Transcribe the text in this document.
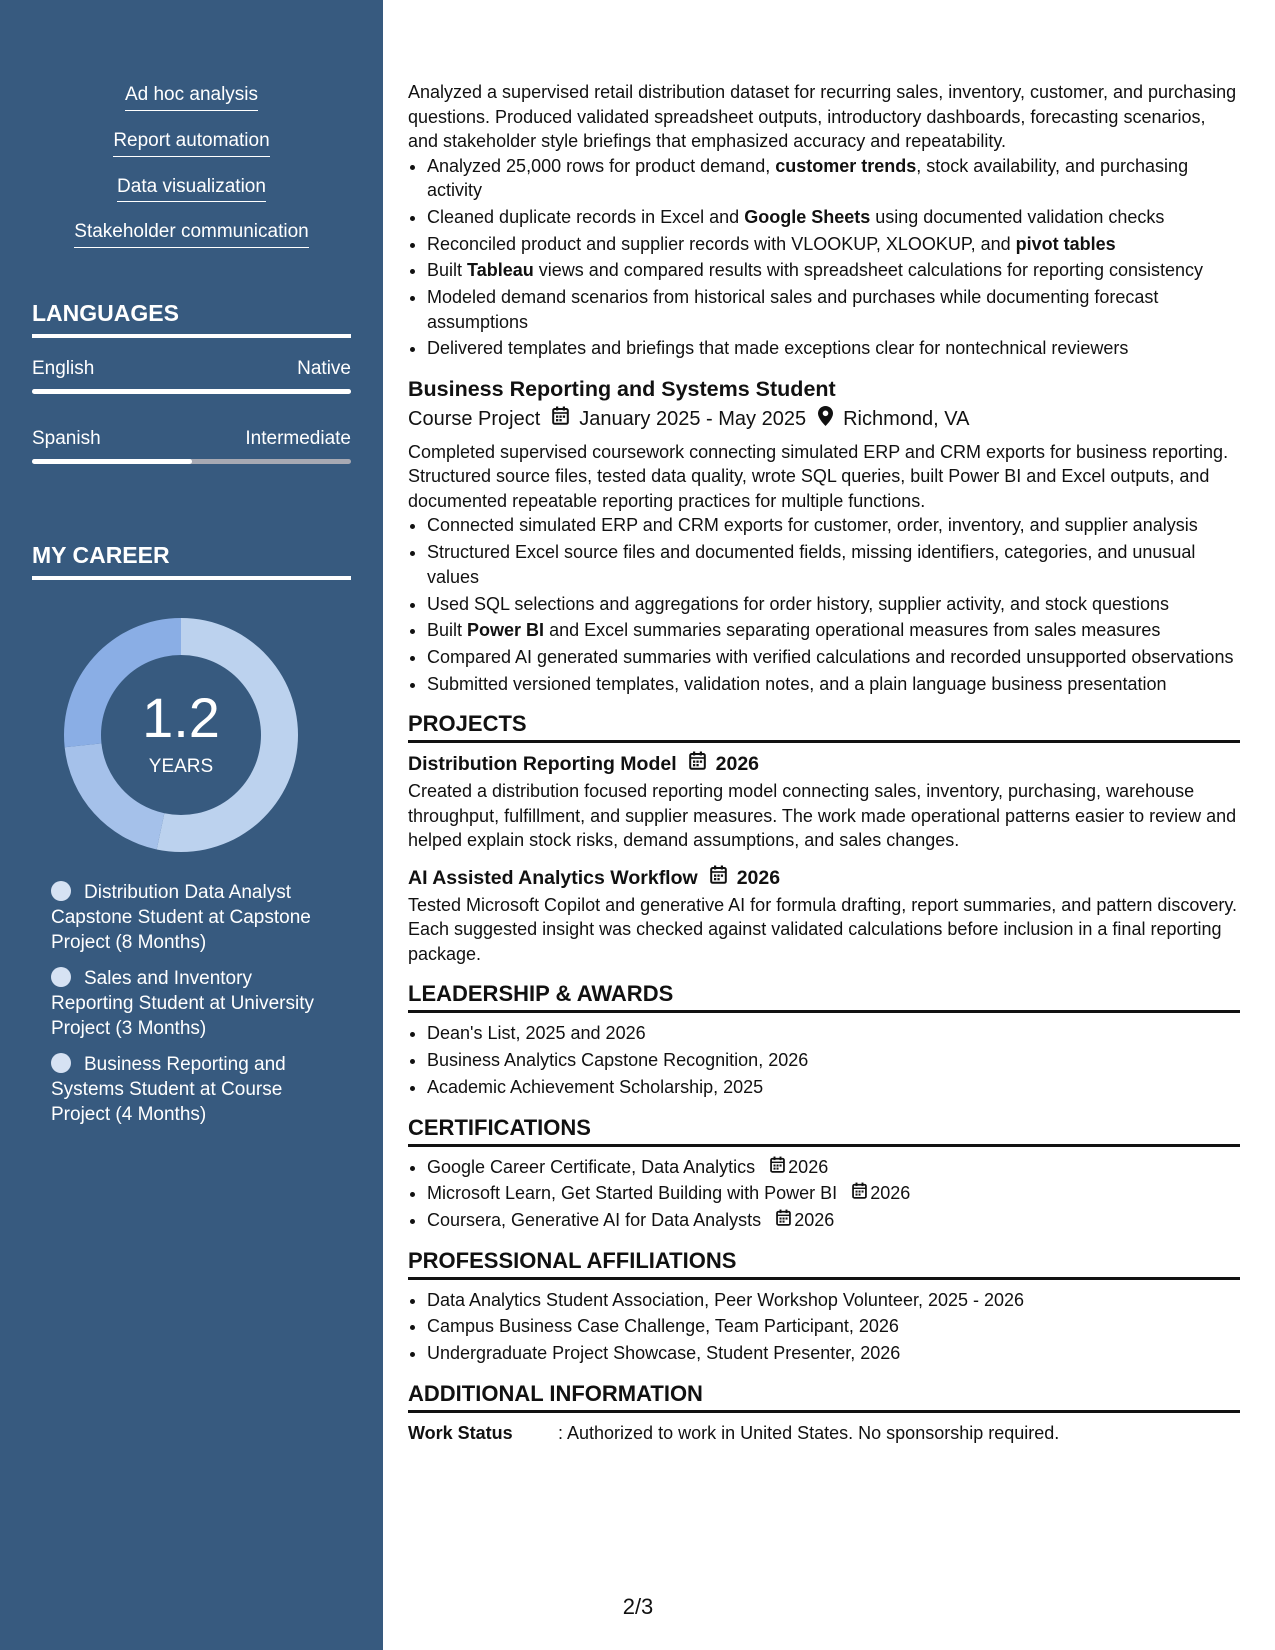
Ad hoc analysis
Report automation
Data visualization
Stakeholder communication
LANGUAGES
English	Native
Spanish	Intermediate
MY CAREER
1.2
YEARS
Distribution Data Analyst Capstone Student at Capstone Project (8 Months)
Sales and Inventory Reporting Student at University Project (3 Months)
Business Reporting and Systems Student at Course Project (4 Months)

Analyzed a supervised retail distribution dataset for recurring sales, inventory, customer, and purchasing questions. Produced validated spreadsheet outputs, introductory dashboards, forecasting scenarios, and stakeholder style briefings that emphasized accuracy and repeatability.

• Analyzed 25,000 rows for product demand, customer trends, stock availability, and purchasing activity
• Cleaned duplicate records in Excel and Google Sheets using documented validation checks
• Reconciled product and supplier records with VLOOKUP, XLOOKUP, and pivot tables
• Built Tableau views and compared results with spreadsheet calculations for reporting consistency
• Modeled demand scenarios from historical sales and purchases while documenting forecast assumptions
• Delivered templates and briefings that made exceptions clear for nontechnical reviewers
Business Reporting and Systems Student
Course Project January 2025 - May 2025 Richmond, VA

Completed supervised coursework connecting simulated ERP and CRM exports for business reporting. Structured source files, tested data quality, wrote SQL queries, built Power BI and Excel outputs, and documented repeatable reporting practices for multiple functions.

• Connected simulated ERP and CRM exports for customer, order, inventory, and supplier analysis
• Structured Excel source files and documented fields, missing identifiers, categories, and unusual values
• Used SQL selections and aggregations for order history, supplier activity, and stock questions
• Built Power BI and Excel summaries separating operational measures from sales measures
• Compared AI generated summaries with verified calculations and recorded unsupported observations
• Submitted versioned templates, validation notes, and a plain language business presentation
PROJECTS
Distribution Reporting Model 2026

Created a distribution focused reporting model connecting sales, inventory, purchasing, warehouse throughput, fulfillment, and supplier measures. The work made operational patterns easier to review and helped explain stock risks, demand assumptions, and sales changes.

AI Assisted Analytics Workflow 2026

Tested Microsoft Copilot and generative AI for formula drafting, report summaries, and pattern discovery. Each suggested insight was checked against validated calculations before inclusion in a final reporting package.

LEADERSHIP & AWARDS
• Dean's List, 2025 and 2026
• Business Analytics Capstone Recognition, 2026
• Academic Achievement Scholarship, 2025
CERTIFICATIONS
• Google Career Certificate, Data Analytics 2026
• Microsoft Learn, Get Started Building with Power BI 2026
• Coursera, Generative AI for Data Analysts 2026
PROFESSIONAL AFFILIATIONS
• Data Analytics Student Association, Peer Workshop Volunteer, 2025 - 2026
• Campus Business Case Challenge, Team Participant, 2026
• Undergraduate Project Showcase, Student Presenter, 2026
ADDITIONAL INFORMATION
Work Status	: Authorized to work in United States. No sponsorship required.
2/3
